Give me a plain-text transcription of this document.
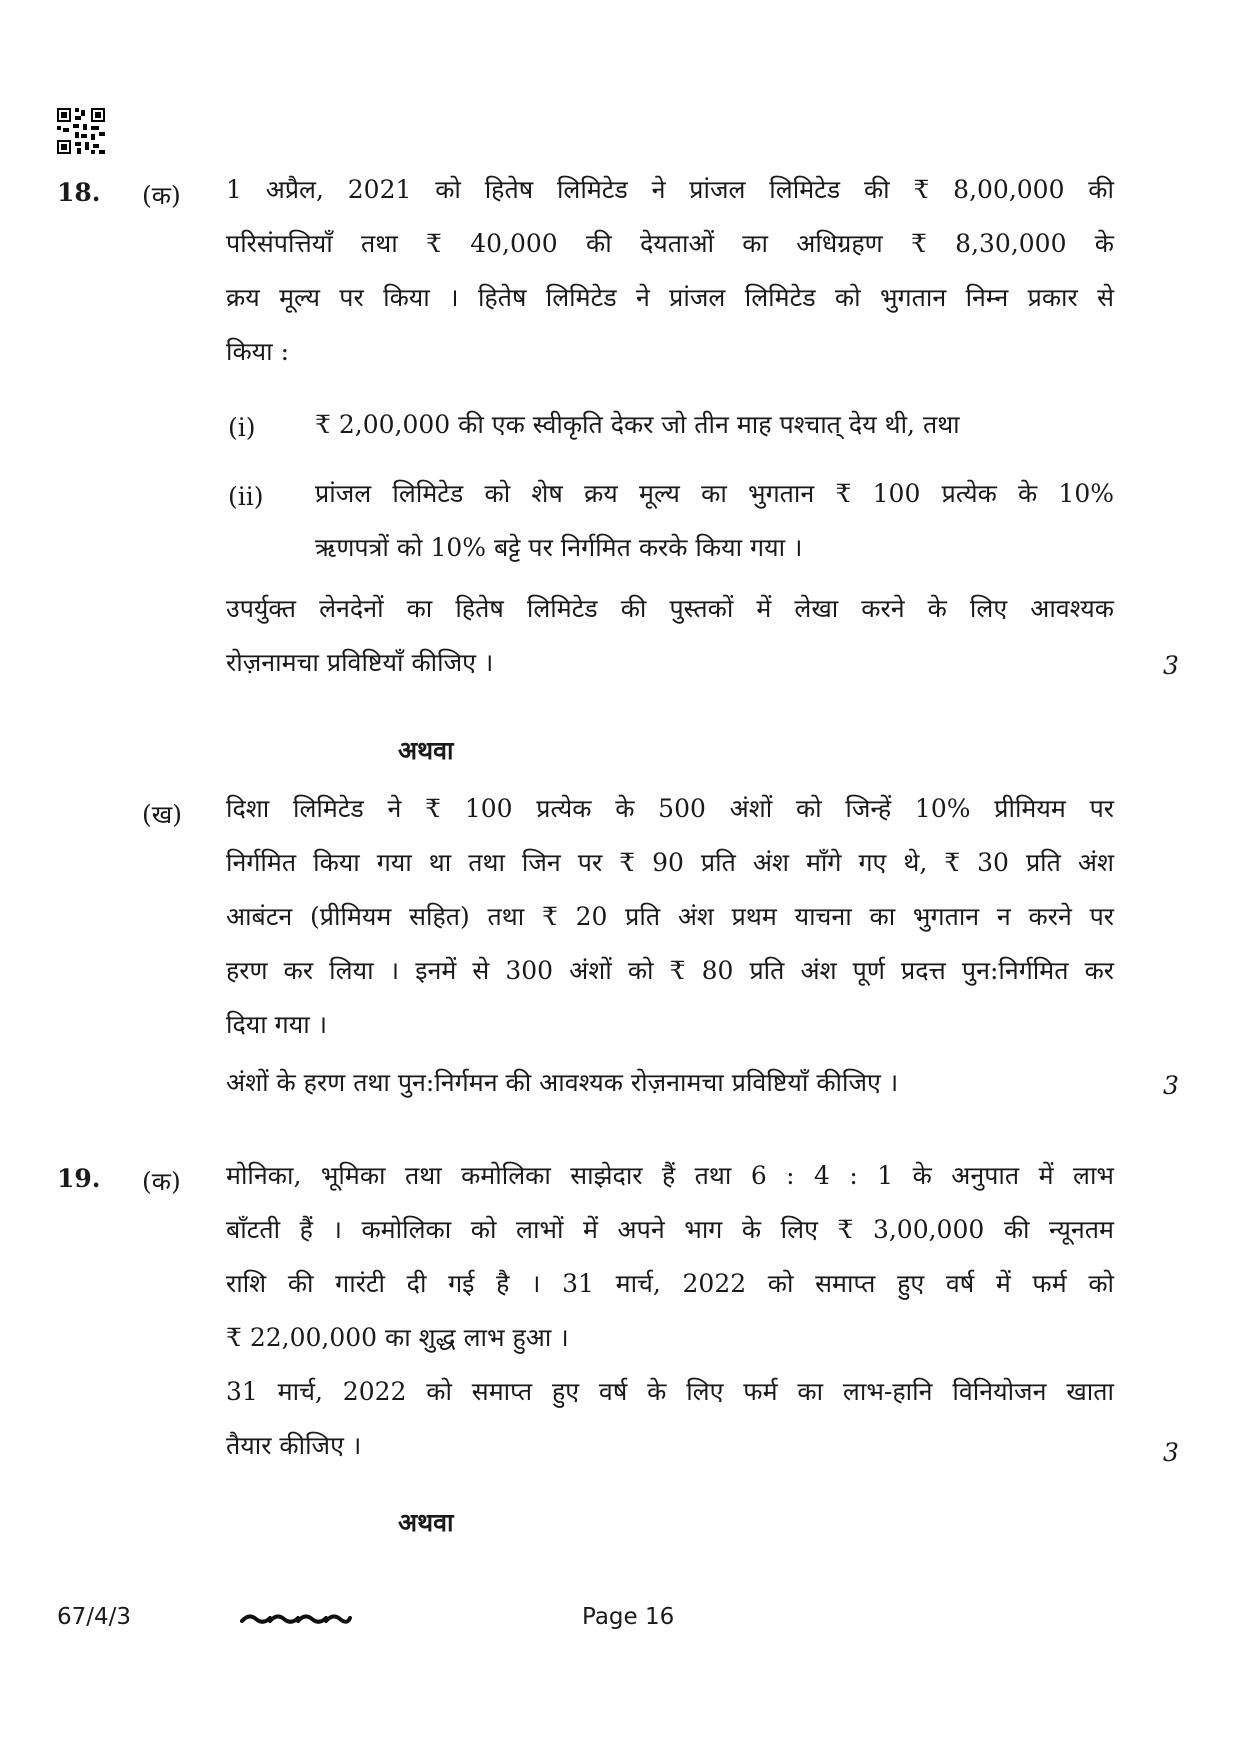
18. (क) 1 अप्रैल, 2021 को हितेष लिमिटेड ने प्रांजल लिमिटेड की ₹ 8,00,000 की
परिसंपत्तियाँ तथा ₹ 40,000 की देयताओं का अधिग्रहण ₹ 8,30,000 के
क्रय मूल्य पर किया । हितेष लिमिटेड ने प्रांजल लिमिटेड को भुगतान निम्न प्रकार से
किया :
(i) ₹ 2,00,000 की एक स्वीकृति देकर जो तीन माह पश्चात् देय थी, तथा
(ii) प्रांजल लिमिटेड को शेष क्रय मूल्य का भुगतान ₹ 100 प्रत्येक के 10%
ऋणपत्रों को 10% बट्टे पर निर्गमित करके किया गया ।
उपर्युक्त लेनदेनों का हितेष लिमिटेड की पुस्तकों में लेखा करने के लिए आवश्यक
रोज़नामचा प्रविष्टियाँ कीजिए ।	3
अथवा
(ख) दिशा लिमिटेड ने ₹ 100 प्रत्येक के 500 अंशों को जिन्हें 10% प्रीमियम पर
निर्गमित किया गया था तथा जिन पर ₹ 90 प्रति अंश माँगे गए थे, ₹ 30 प्रति अंश
आबंटन (प्रीमियम सहित) तथा ₹ 20 प्रति अंश प्रथम याचना का भुगतान न करने पर
हरण कर लिया । इनमें से 300 अंशों को ₹ 80 प्रति अंश पूर्ण प्रदत्त पुन:निर्गमित कर
दिया गया ।
अंशों के हरण तथा पुन:निर्गमन की आवश्यक रोज़नामचा प्रविष्टियाँ कीजिए ।	3
19. (क) मोनिका, भूमिका तथा कमोलिका साझेदार हैं तथा 6 : 4 : 1 के अनुपात में लाभ
बाँटती हैं । कमोलिका को लाभों में अपने भाग के लिए ₹ 3,00,000 की न्यूनतम
राशि की गारंटी दी गई है । 31 मार्च, 2022 को समाप्त हुए वर्ष में फर्म को
₹ 22,00,000 का शुद्ध लाभ हुआ ।
31 मार्च, 2022 को समाप्त हुए वर्ष के लिए फर्म का लाभ-हानि विनियोजन खाता
तैयार कीजिए ।	3
अथवा
67/4/3	Page 16
